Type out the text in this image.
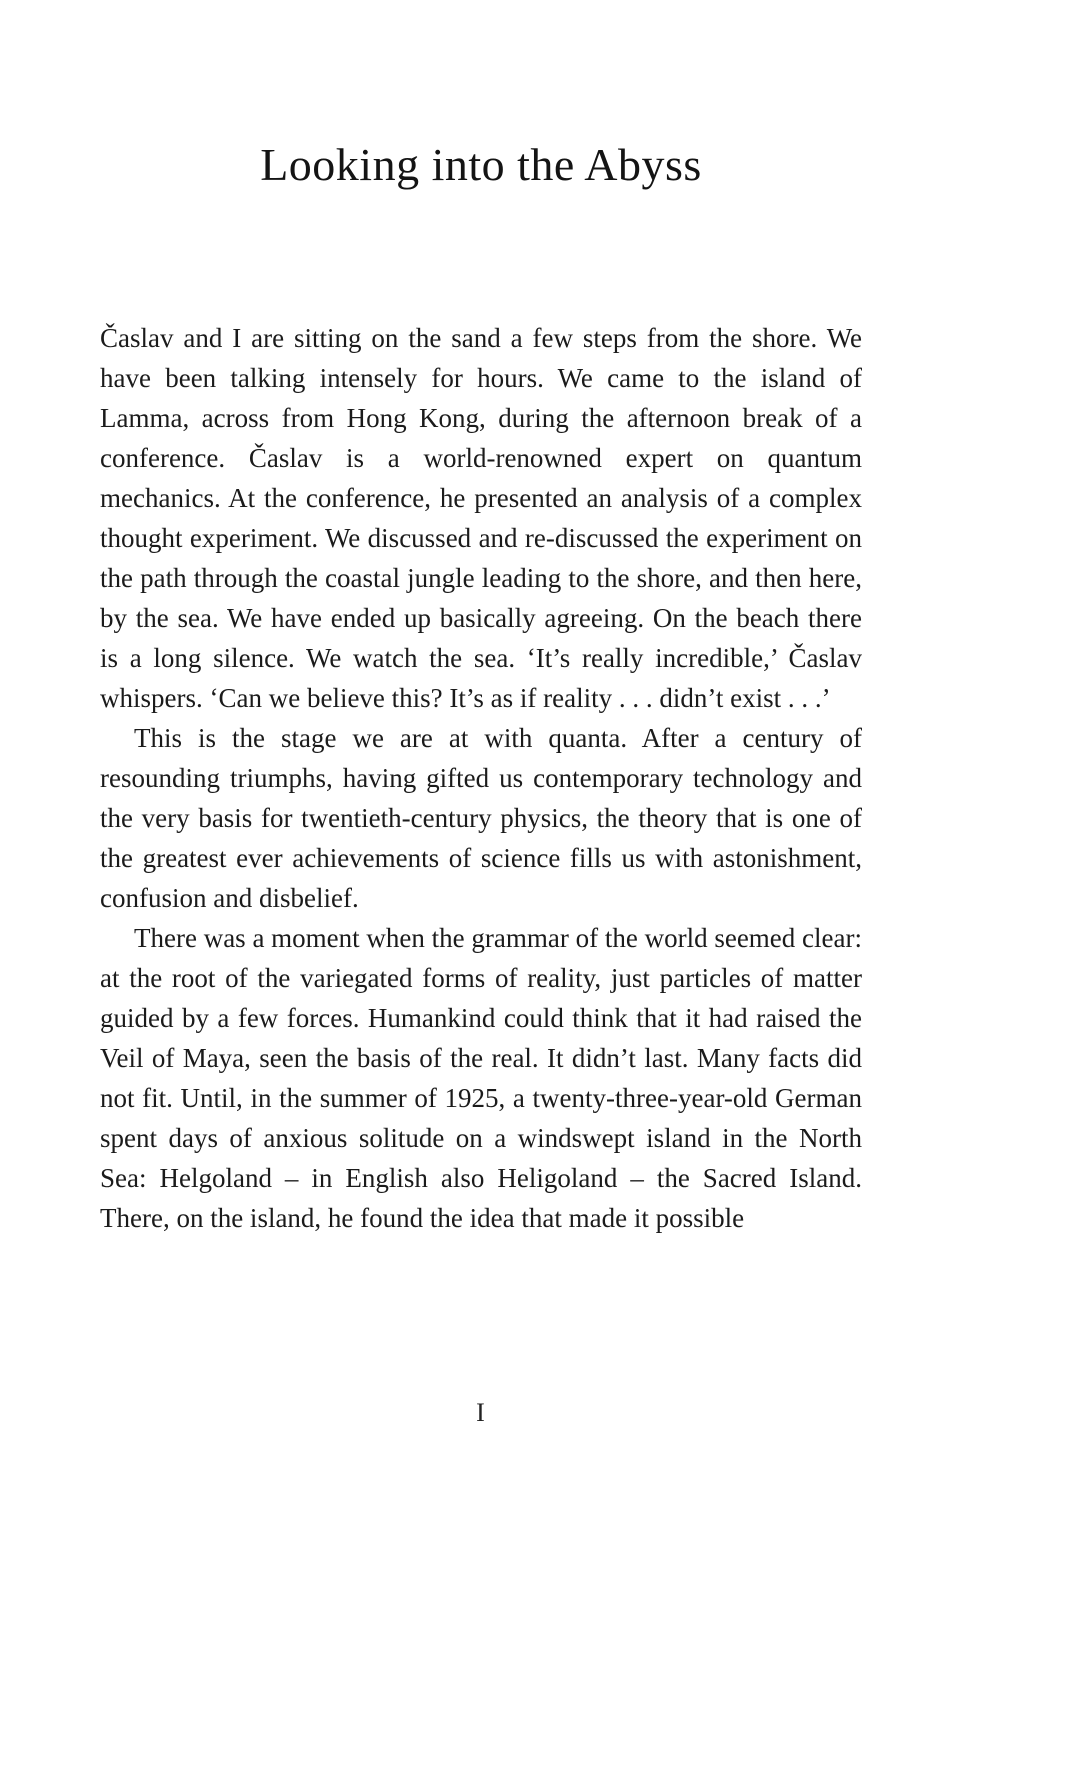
Looking into the Abyss

Časlav and I are sitting on the sand a few steps from the shore. We have been talking intensely for hours. We came to the island of Lamma, across from Hong Kong, during the afternoon break of a conference. Časlav is a world-renowned expert on quantum mechanics. At the conference, he presented an analysis of a complex thought experiment. We discussed and re-discussed the experiment on the path through the coastal jungle leading to the shore, and then here, by the sea. We have ended up basically agreeing. On the beach there is a long silence. We watch the sea. ‘It’s really incredible,’ Časlav whispers. ‘Can we believe this? It’s as if reality . . . didn’t exist . . .’

This is the stage we are at with quanta. After a century of resounding triumphs, having gifted us contemporary technology and the very basis for twentieth-century physics, the theory that is one of the greatest ever achievements of science fills us with astonishment, confusion and disbelief.

There was a moment when the grammar of the world seemed clear: at the root of the variegated forms of reality, just particles of matter guided by a few forces. Humankind could think that it had raised the Veil of Maya, seen the basis of the real. It didn’t last. Many facts did not fit. Until, in the summer of 1925, a twenty-three-year-old German spent days of anxious solitude on a windswept island in the North Sea: Helgoland – in English also Heligoland – the Sacred Island. There, on the island, he found the idea that made it possible

I
